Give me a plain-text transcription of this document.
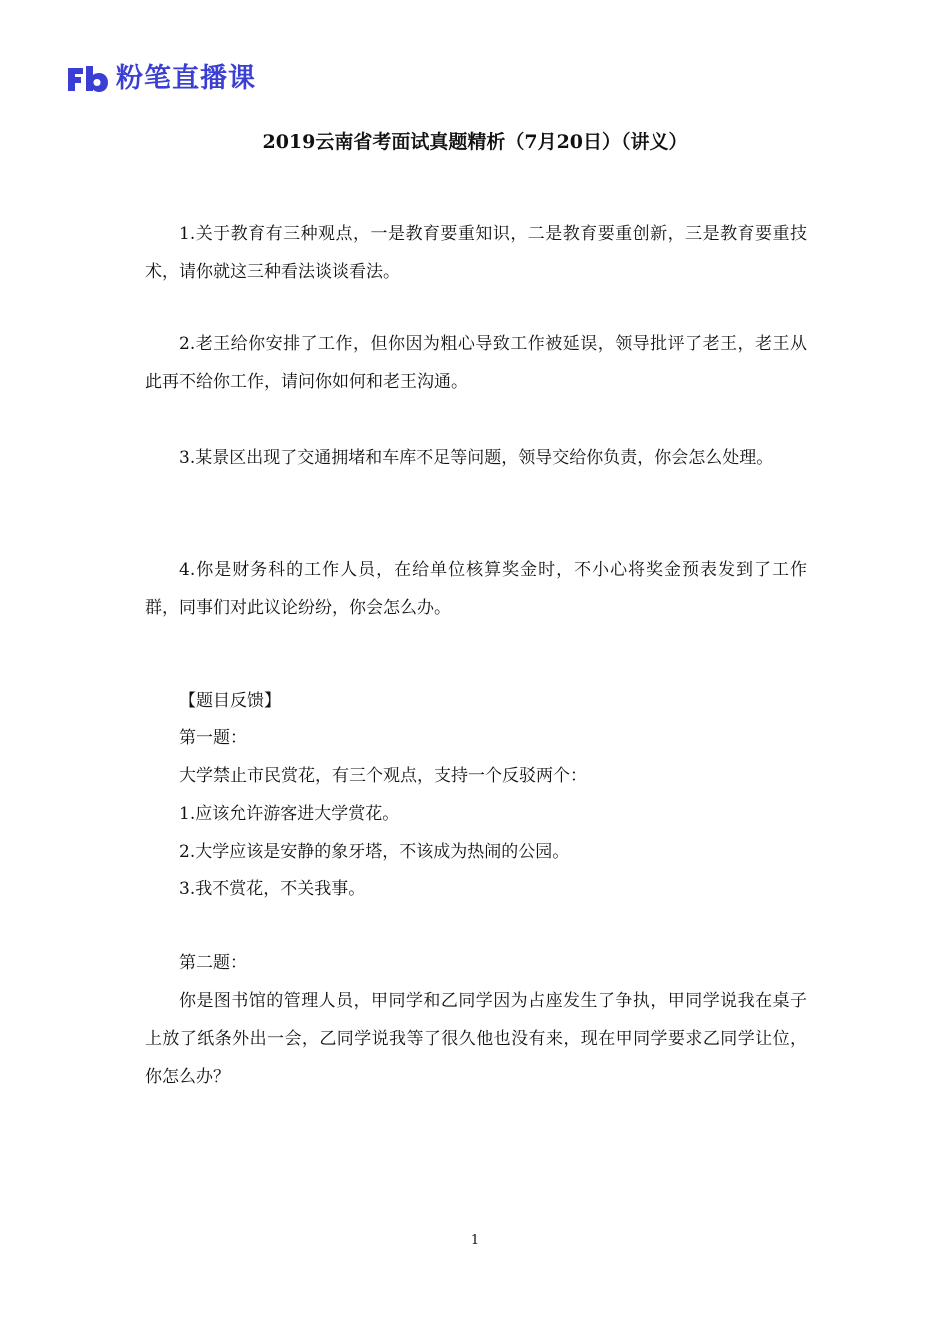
粉笔直播课
2019云南省考面试真题精析（7月20日）（讲义）

1.关于教育有三种观点，一是教育要重知识，二是教育要重创新，三是教育要重技术，请你就这三种看法谈谈看法。

2.老王给你安排了工作，但你因为粗心导致工作被延误，领导批评了老王，老王从此再不给你工作，请问你如何和老王沟通。

3.某景区出现了交通拥堵和车库不足等问题，领导交给你负责，你会怎么处理。

4.你是财务科的工作人员，在给单位核算奖金时，不小心将奖金预表发到了工作群，同事们对此议论纷纷，你会怎么办。

【题目反馈】

第一题：

大学禁止市民赏花，有三个观点，支持一个反驳两个：

1.应该允许游客进大学赏花。

2.大学应该是安静的象牙塔，不该成为热闹的公园。

3.我不赏花，不关我事。

第二题：

你是图书馆的管理人员，甲同学和乙同学因为占座发生了争执，甲同学说我在桌子上放了纸条外出一会，乙同学说我等了很久他也没有来，现在甲同学要求乙同学让位，你怎么办？

1
